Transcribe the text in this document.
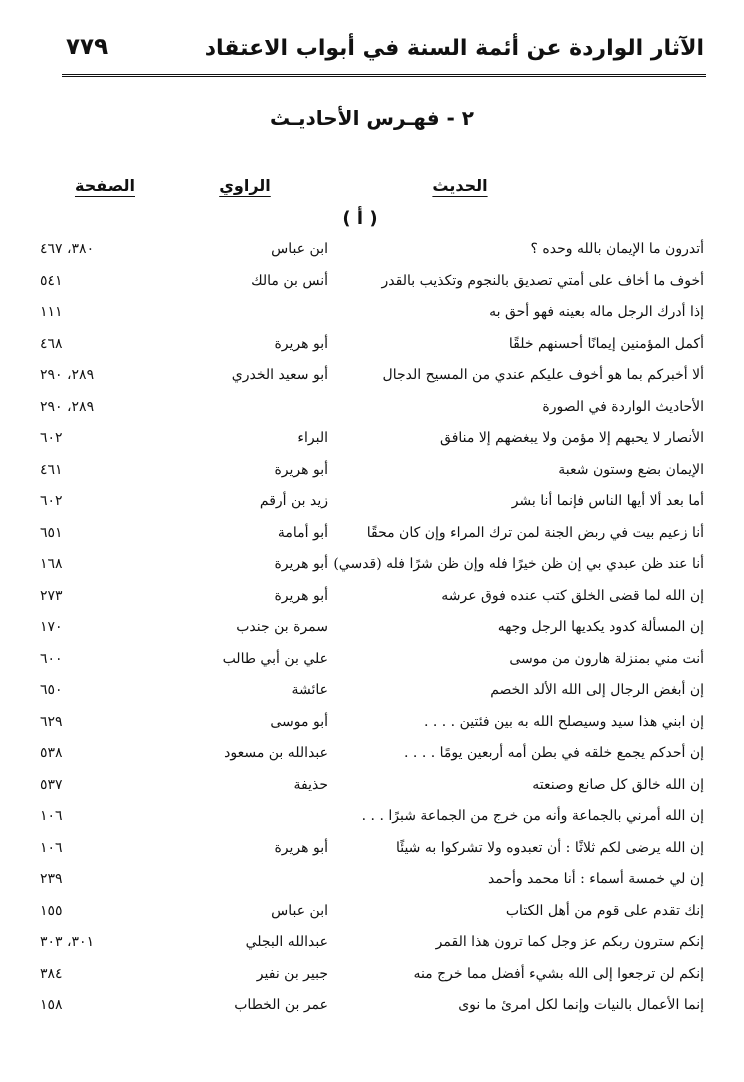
الآثار الواردة عن أئمة السنة في أبواب الاعتقاد
٧٧٩
٢ - فهـرس الأحاديـث
الحديث
الراوي
الصفحة
( أ )
أتدرون ما الإيمان بالله وحده ؟
ابن عباس
٣٨٠، ٤٦٧
أخوف ما أخاف على أمتي تصديق بالنجوم وتكذيب بالقدر
أنس بن مالك
٥٤١
إذا أدرك الرجل ماله بعينه فهو أحق به
١١١
أكمل المؤمنين إيمانًا أحسنهم خلقًا
أبو هريرة
٤٦٨
ألا أخبركم بما هو أخوف عليكم عندي من المسيح الدجال
أبو سعيد الخدري
٢٨٩، ٢٩٠
الأحاديث الواردة في الصورة
٢٨٩، ٢٩٠
الأنصار لا يحبهم إلا مؤمن ولا يبغضهم إلا منافق
البراء
٦٠٢
الإيمان بضع وستون شعبة
أبو هريرة
٤٦١
أما بعد ألا أيها الناس فإنما أنا بشر
زيد بن أرقم
٦٠٢
أنا زعيم بيت في ربض الجنة لمن ترك المراء وإن كان محقًا
أبو أمامة
٦٥١
أنا عند ظن عبدي بي إن ظن خيرًا فله وإن ظن شرًا فله (قدسي)
أبو هريرة
١٦٨
إن الله لما قضى الخلق كتب عنده فوق عرشه
أبو هريرة
٢٧٣
إن المسألة كدود يكديها الرجل وجهه
سمرة بن جندب
١٧٠
أنت مني بمنزلة هارون من موسى
علي بن أبي طالب
٦٠٠
إن أبغض الرجال إلى الله الألد الخصم
عائشة
٦٥٠
إن ابني هذا سيد وسيصلح الله به بين فئتين . . . .
أبو موسى
٦٢٩
إن أحدكم يجمع خلقه في بطن أمه أربعين يومًا . . . .
عبدالله بن مسعود
٥٣٨
إن الله خالق كل صانع وصنعته
حذيفة
٥٣٧
إن الله أمرني بالجماعة وأنه من خرج من الجماعة شبرًا . . .
١٠٦
إن الله يرضى لكم ثلاثًا : أن تعبدوه ولا تشركوا به شيئًا
أبو هريرة
١٠٦
إن لي خمسة أسماء : أنا محمد وأحمد
٢٣٩
إنك تقدم على قوم من أهل الكتاب
ابن عباس
١٥٥
إنكم سترون ربكم عز وجل كما ترون هذا القمر
عبدالله البجلي
٣٠١، ٣٠٣
إنكم لن ترجعوا إلى الله بشيء أفضل مما خرج منه
جبير بن نفير
٣٨٤
إنما الأعمال بالنيات وإنما لكل امرئ ما نوى
عمر بن الخطاب
١٥٨
